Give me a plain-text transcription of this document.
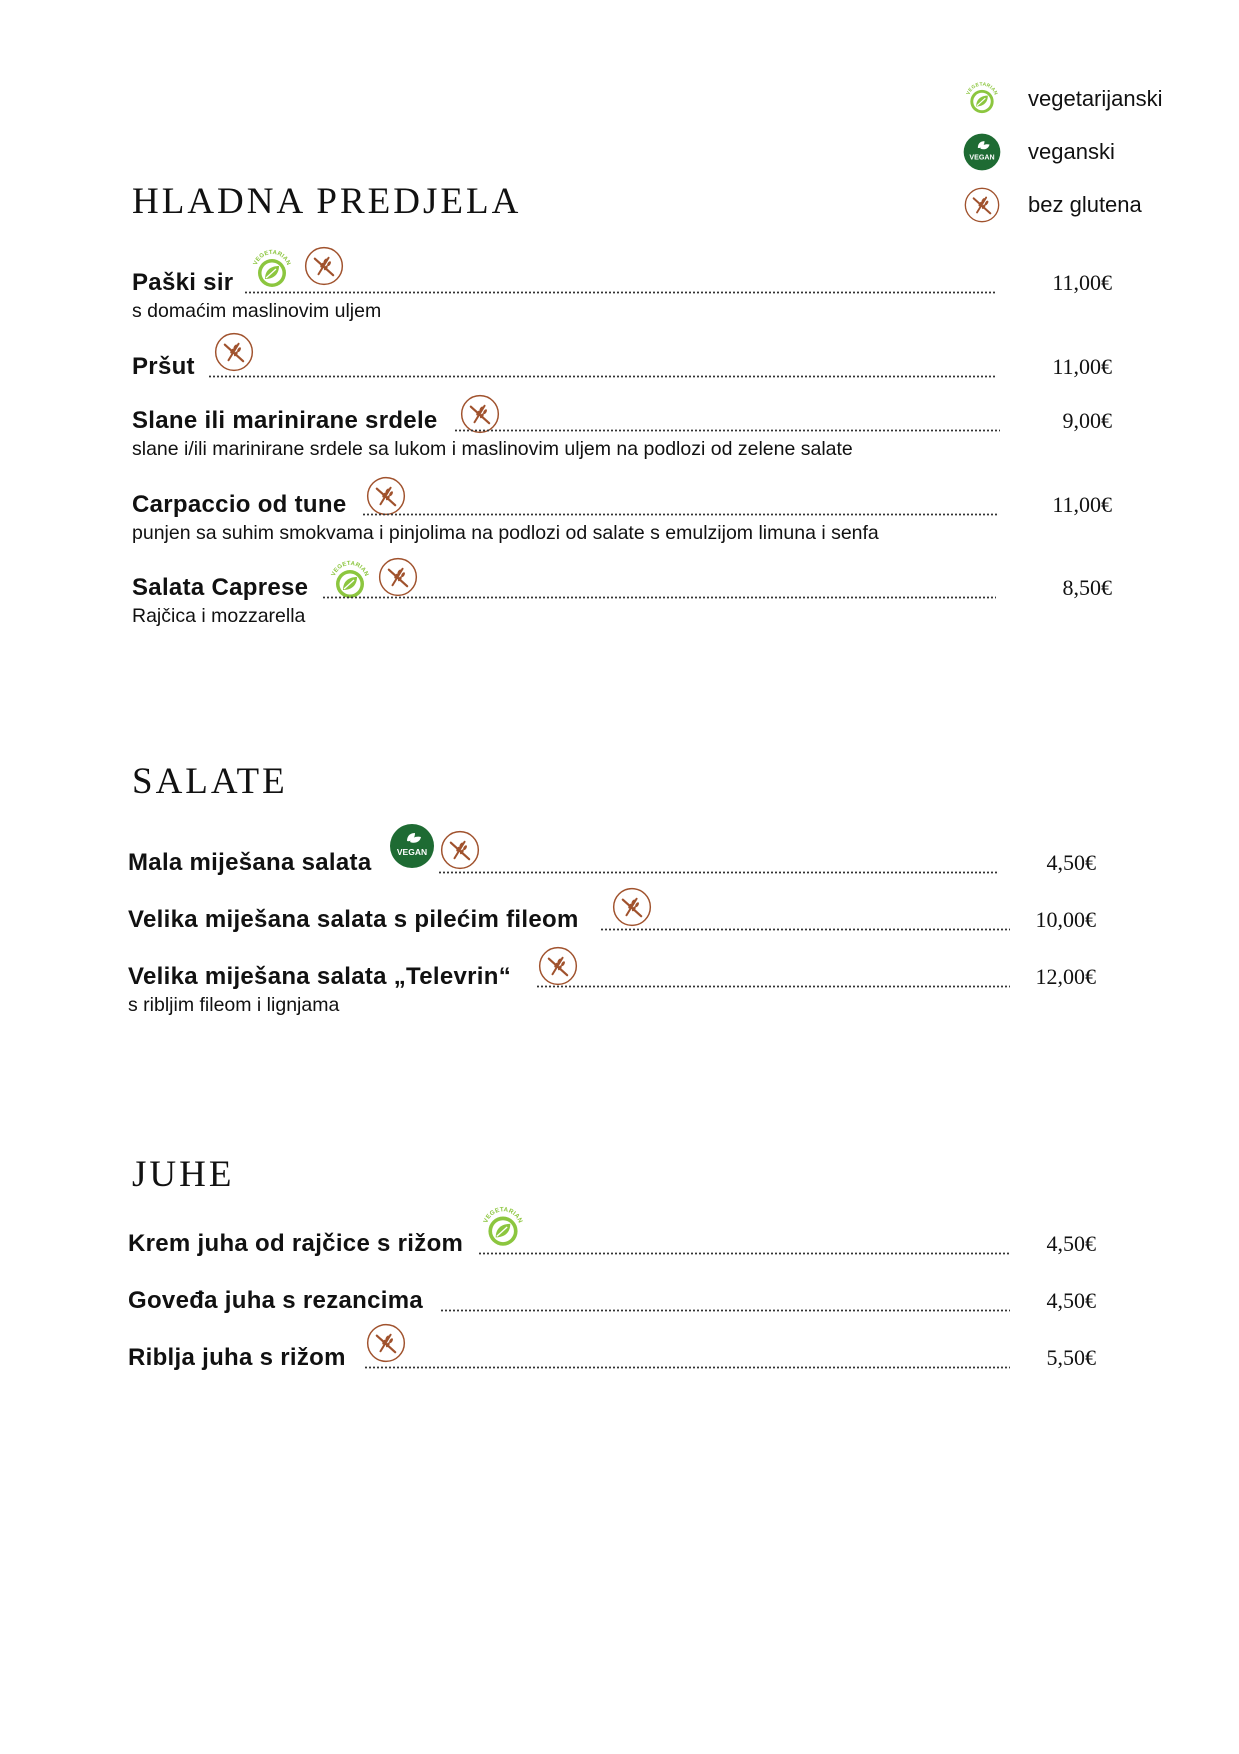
vegetarijanski
veganski
bez glutena
HLADNA PREDJELA
Paški sir	11,00€
s domaćim maslinovim uljem
Pršut	11,00€
Slane ili marinirane srdele	9,00€
slane i/ili marinirane srdele sa lukom i maslinovim uljem na podlozi od zelene salate
Carpaccio od tune	11,00€
punjen sa suhim smokvama i pinjolima na podlozi od salate s emulzijom limuna i senfa
Salata Caprese	8,50€
Rajčica i mozzarella
SALATE
Mala miješana salata	4,50€
Velika miješana salata s pilećim fileom	10,00€
Velika miješana salata „Televrin“	12,00€
s ribljim fileom i lignjama
JUHE
Krem juha od rajčice s rižom	4,50€
Goveđa juha s rezancima	4,50€
Riblja juha s rižom	5,50€
